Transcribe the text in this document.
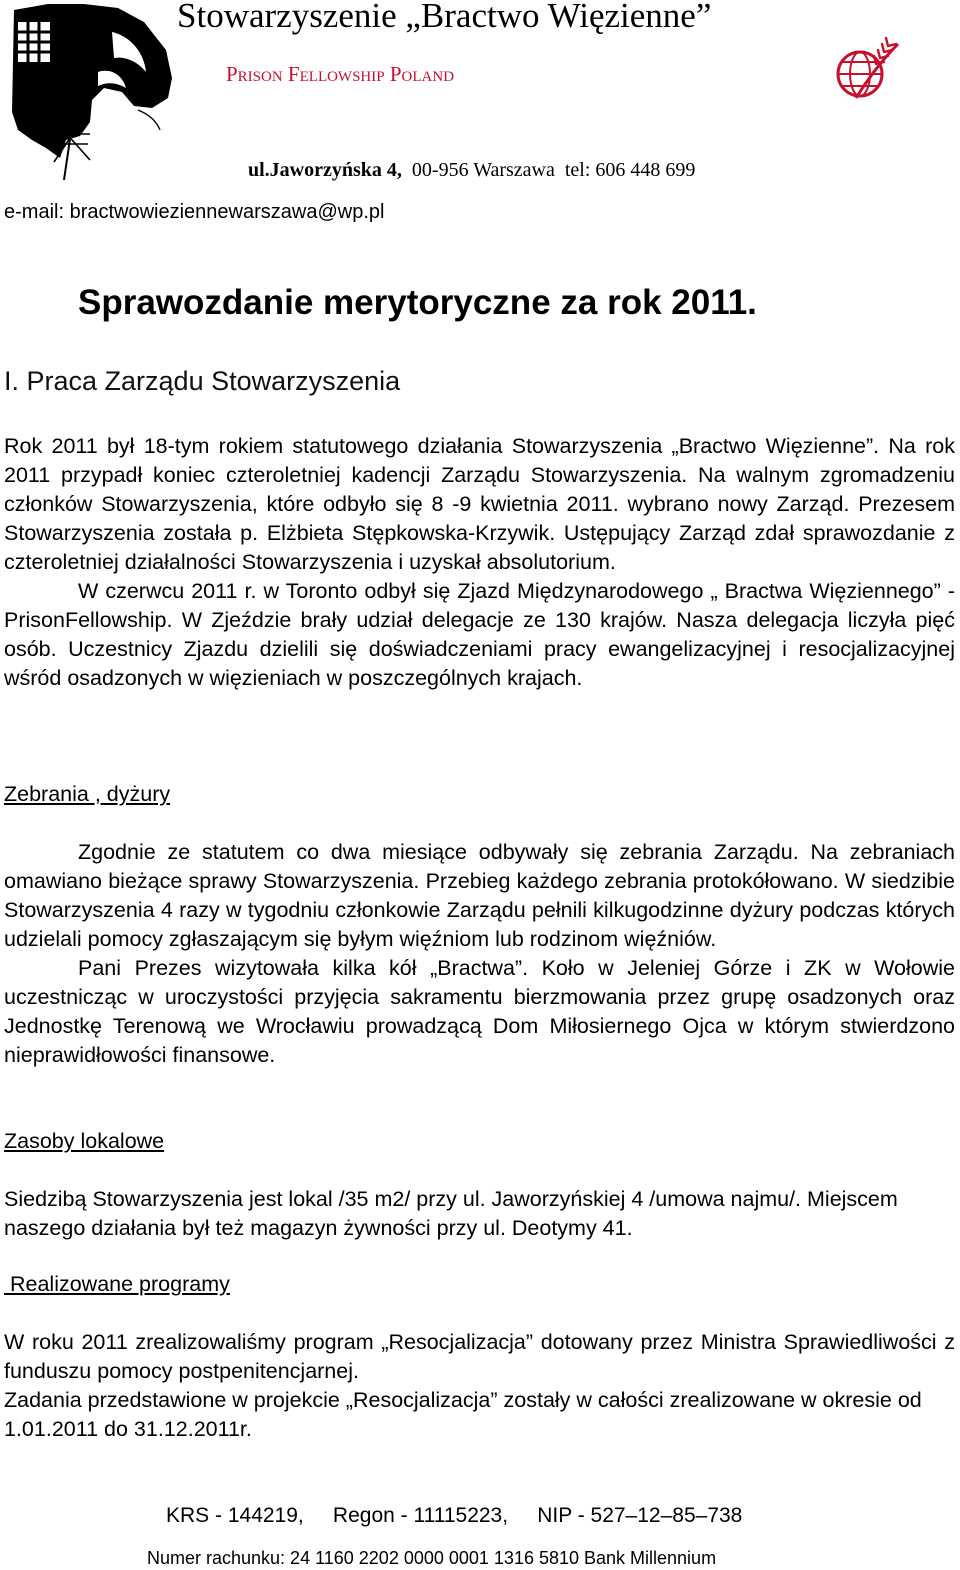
Stowarzyszenie „Bractwo Więzienne”
Prison Fellowship Poland
ul.Jaworzyńska 4,  00-956 Warszawa  tel: 606 448 699
e-mail: bractwowieziennewarszawa@wp.pl
Sprawozdanie merytoryczne za rok 2011.
I. Praca Zarządu Stowarzyszenia

Rok 2011 był 18-tym rokiem statutowego działania Stowarzyszenia „Bractwo Więzienne”. Na rok 2011 przypadł koniec czteroletniej kadencji Zarządu Stowarzyszenia. Na walnym zgromadzeniu członków Stowarzyszenia, które odbyło się 8 -9 kwietnia 2011. wybrano nowy Zarząd. Prezesem Stowarzyszenia została p. Elżbieta Stępkowska-Krzywik. Ustępujący Zarząd zdał sprawozdanie z czteroletniej działalności Stowarzyszenia i uzyskał absolutorium.

W czerwcu 2011 r. w Toronto odbył się Zjazd Międzynarodowego „ Bractwa Więziennego” - PrisonFellowship. W Zjeździe brały udział delegacje ze 130 krajów. Nasza delegacja liczyła pięć osób. Uczestnicy Zjazdu dzielili się doświadczeniami pracy ewangelizacyjnej i resocjalizacyjnej wśród osadzonych w więzieniach w poszczególnych krajach.

Zebrania , dyżury

Zgodnie ze statutem co dwa miesiące odbywały się zebrania Zarządu. Na zebraniach omawiano bieżące sprawy Stowarzyszenia. Przebieg każdego zebrania protokółowano. W siedzibie Stowarzyszenia 4 razy w tygodniu członkowie Zarządu pełnili kilkugodzinne dyżury podczas których udzielali pomocy zgłaszającym się byłym więźniom lub rodzinom więźniów.

Pani Prezes wizytowała kilka kół „Bractwa”. Koło w Jeleniej Górze i ZK w Wołowie uczestnicząc w uroczystości przyjęcia sakramentu bierzmowania przez grupę osadzonych oraz Jednostkę Terenową we Wrocławiu prowadzącą Dom Miłosiernego Ojca w którym stwierdzono nieprawidłowości finansowe.

Zasoby lokalowe

Siedzibą Stowarzyszenia jest lokal /35 m2/ przy ul. Jaworzyńskiej 4 /umowa najmu/. Miejscem naszego działania był też magazyn żywności przy ul. Deotymy 41.

Realizowane programy

W roku 2011 zrealizowaliśmy program „Resocjalizacja” dotowany przez Ministra Sprawiedliwości z funduszu pomocy postpenitencjarnej.

Zadania przedstawione w projekcie „Resocjalizacja” zostały w całości zrealizowane w okresie od 1.01.2011 do 31.12.2011r.

KRS - 144219,     Regon - 11115223,     NIP - 527–12–85–738
Numer rachunku: 24 1160 2202 0000 0001 1316 5810 Bank Millennium
